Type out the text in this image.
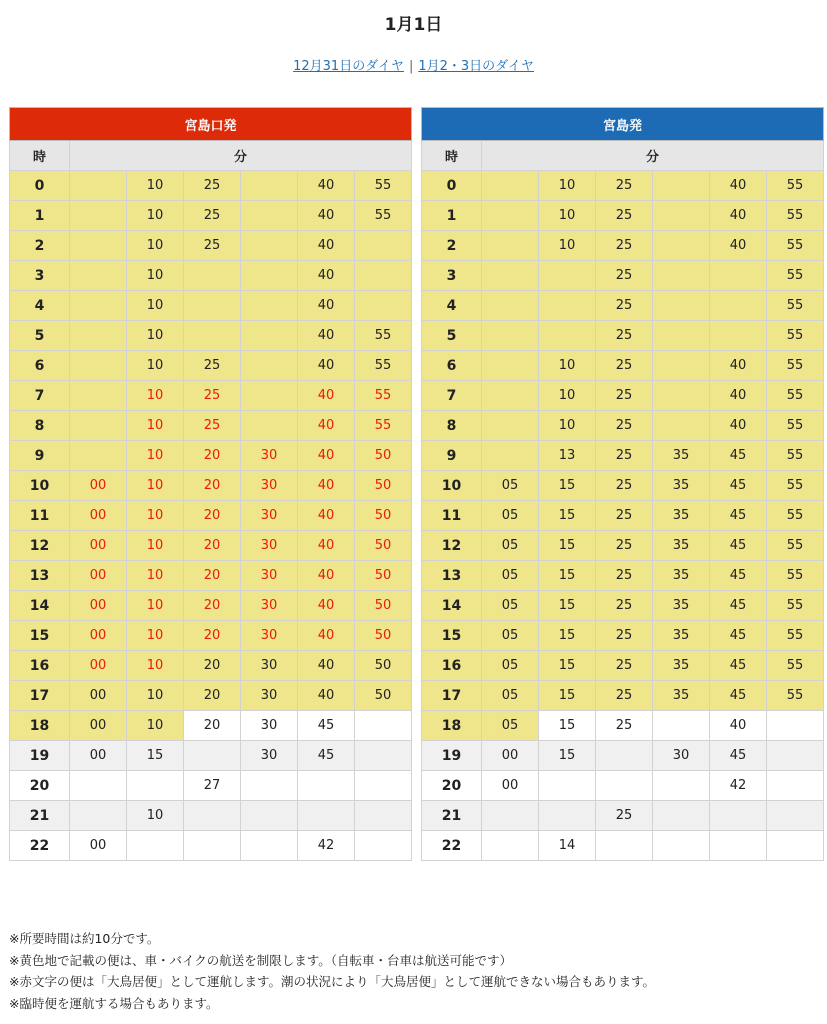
1月1日
12月31日のダイヤ | 1月2・3日のダイヤ
宮島口発						
時	分					
0		10	25		40	55
1		10	25		40	55
2		10	25		40	
3		10			40	
4		10			40	
5		10			40	55
6		10	25		40	55
7		10	25		40	55
8		10	25		40	55
9		10	20	30	40	50
10	00	10	20	30	40	50
11	00	10	20	30	40	50
12	00	10	20	30	40	50
13	00	10	20	30	40	50
14	00	10	20	30	40	50
15	00	10	20	30	40	50
16	00	10	20	30	40	50
17	00	10	20	30	40	50
18	00	10	20	30	45	
19	00	15		30	45	
20			27			
21		10				
22	00				42	
宮島発						
時	分					
0		10	25		40	55
1		10	25		40	55
2		10	25		40	55
3			25			55
4			25			55
5			25			55
6		10	25		40	55
7		10	25		40	55
8		10	25		40	55
9		13	25	35	45	55
10	05	15	25	35	45	55
11	05	15	25	35	45	55
12	05	15	25	35	45	55
13	05	15	25	35	45	55
14	05	15	25	35	45	55
15	05	15	25	35	45	55
16	05	15	25	35	45	55
17	05	15	25	35	45	55
18	05	15	25		40	
19	00	15		30	45	
20	00				42	
21			25			
22		14				

※所要時間は約10分です。

※黄色地で記載の便は、車・バイクの航送を制限します。（自転車・台車は航送可能です）

※赤文字の便は「大鳥居便」として運航します。潮の状況により「大鳥居便」として運航できない場合もあります。

※臨時便を運航する場合もあります。
